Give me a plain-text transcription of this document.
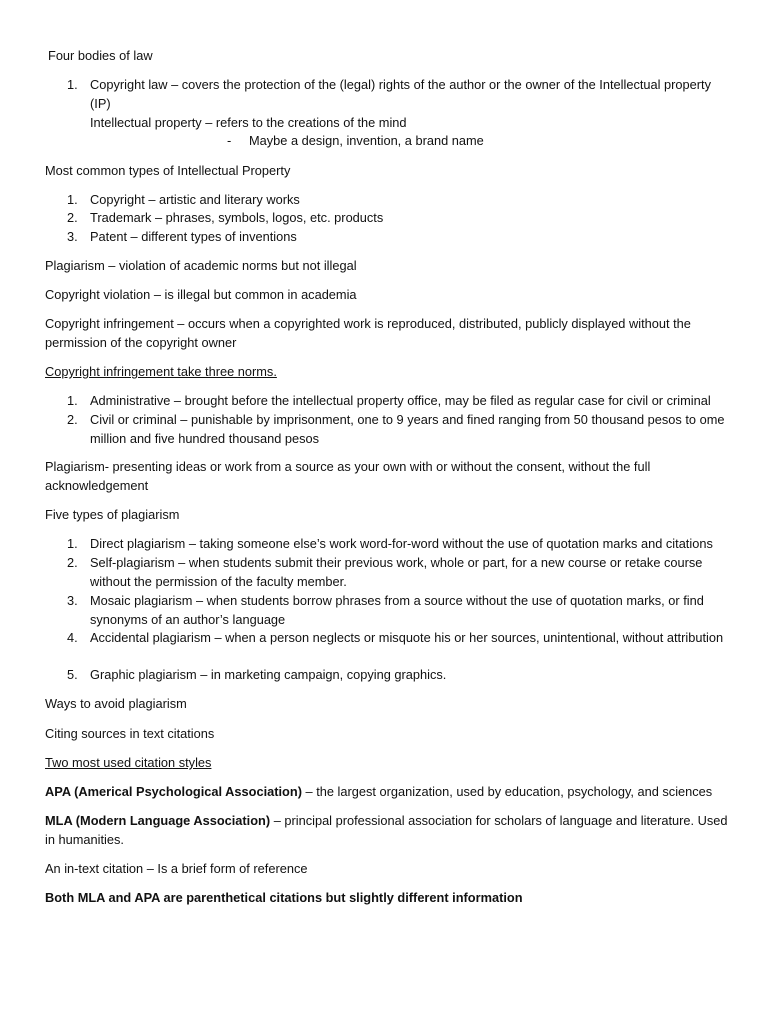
Four bodies of law
1. Copyright law – covers the protection of the (legal) rights of the author or the owner of the Intellectual property (IP)
Intellectual property – refers to the creations of the mind
-	Maybe a design, invention, a brand name
Most common types of Intellectual Property
1. Copyright – artistic and literary works
2. Trademark – phrases, symbols, logos, etc. products
3. Patent – different types of inventions
Plagiarism – violation of academic norms but not illegal
Copyright violation – is illegal but common in academia
Copyright infringement – occurs when a copyrighted work is reproduced, distributed, publicly displayed without the permission of the copyright owner
Copyright infringement take three norms.
1. Administrative – brought before the intellectual property office, may be filed as regular case for civil or criminal
2. Civil or criminal – punishable by imprisonment, one to 9 years and fined ranging from 50 thousand pesos to ome million and five hundred thousand pesos
Plagiarism- presenting ideas or work from a source as your own with or without the consent, without the full acknowledgement
Five types of plagiarism
1. Direct plagiarism – taking someone else’s work word-for-word without the use of quotation marks and citations
2. Self-plagiarism – when students submit their previous work, whole or part, for a new course or retake course without the permission of the faculty member.
3. Mosaic plagiarism – when students borrow phrases from a source without the use of quotation marks, or find synonyms of an author’s language
4. Accidental plagiarism – when a person neglects or misquote his or her sources, unintentional, without attribution
5. Graphic plagiarism – in marketing campaign, copying graphics.
Ways to avoid plagiarism
Citing sources in text citations
Two most used citation styles
APA (Americal Psychological Association) – the largest organization, used by education, psychology, and sciences
MLA (Modern Language Association) – principal professional association for scholars of language and literature. Used in humanities.
An in-text citation – Is a brief form of reference
Both MLA and APA are parenthetical citations but slightly different information
